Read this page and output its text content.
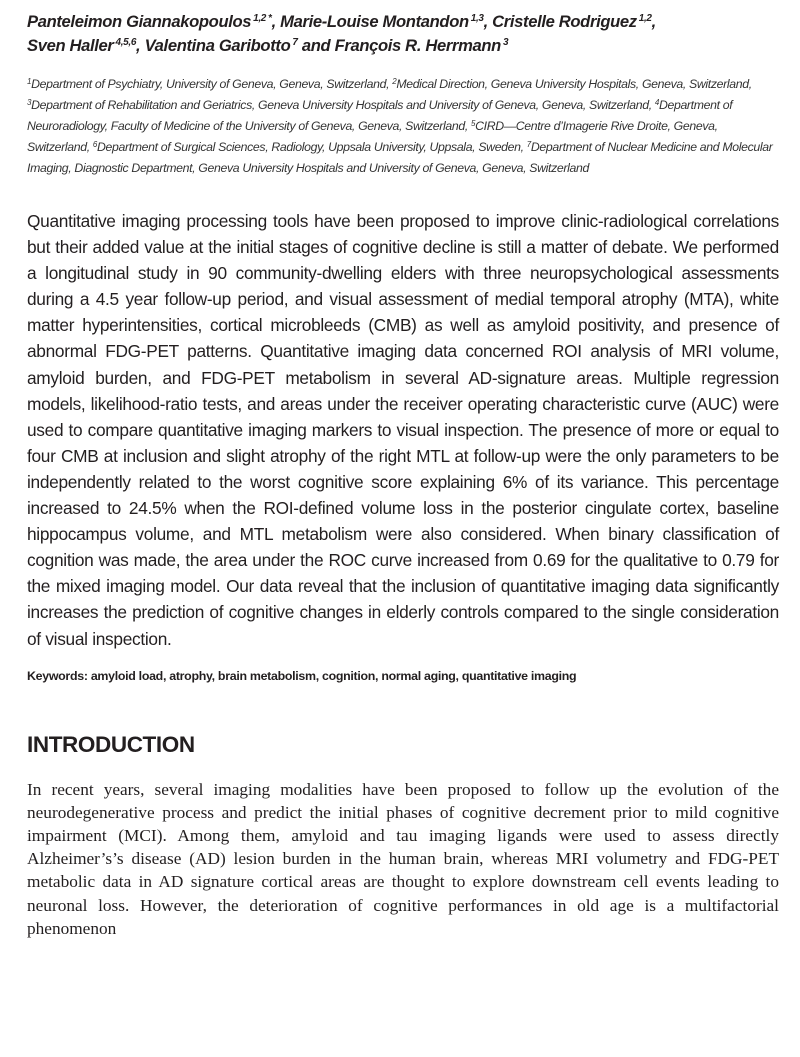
Panteleimon Giannakopoulos $^{1,2}$ *, Marie-Louise Montandon $^{1,3}$, Cristelle Rodriguez $^{1,2}$,
Sven Haller $^{4,5,6}$, Valentina Garibotto $^7$ and François R. Herrmann $^3$

$^1$Department of Psychiatry, University of Geneva, Geneva, Switzerland, $^2$Medical Direction, Geneva University Hospitals, Geneva, Switzerland, $^3$Department of Rehabilitation and Geriatrics, Geneva University Hospitals and University of Geneva, Geneva, Switzerland, $^4$Department of Neuroradiology, Faculty of Medicine of the University of Geneva, Geneva, Switzerland, $^5$CIRD—Centre d’Imagerie Rive Droite, Geneva, Switzerland, $^6$Department of Surgical Sciences, Radiology, Uppsala University, Uppsala, Sweden, $^7$Department of Nuclear Medicine and Molecular Imaging, Diagnostic Department, Geneva University Hospitals and University of Geneva, Geneva, Switzerland

Quantitative imaging processing tools have been proposed to improve clinic-radiological correlations but their added value at the initial stages of cognitive decline is still a matter of debate. We performed a longitudinal study in 90 community-dwelling elders with three neuropsychological assessments during a 4.5 year follow-up period, and visual assessment of medial temporal atrophy (MTA), white matter hyperintensities, cortical microbleeds (CMB) as well as amyloid positivity, and presence of abnormal FDG-PET patterns. Quantitative imaging data concerned ROI analysis of MRI volume, amyloid burden, and FDG-PET metabolism in several AD-signature areas. Multiple regression models, likelihood-ratio tests, and areas under the receiver operating characteristic curve (AUC) were used to compare quantitative imaging markers to visual inspection. The presence of more or equal to four CMB at inclusion and slight atrophy of the right MTL at follow-up were the only parameters to be independently related to the worst cognitive score explaining 6% of its variance. This percentage increased to 24.5% when the ROI-defined volume loss in the posterior cingulate cortex, baseline hippocampus volume, and MTL metabolism were also considered. When binary classification of cognition was made, the area under the ROC curve increased from 0.69 for the qualitative to 0.79 for the mixed imaging model. Our data reveal that the inclusion of quantitative imaging data significantly increases the prediction of cognitive changes in elderly controls compared to the single consideration of visual inspection.

Keywords: amyloid load, atrophy, brain metabolism, cognition, normal aging, quantitative imaging

INTRODUCTION

In recent years, several imaging modalities have been proposed to follow up the evolution of the neurodegenerative process and predict the initial phases of cognitive decrement prior to mild cognitive impairment (MCI). Among them, amyloid and tau imaging ligands were used to assess directly Alzheimer’s’s disease (AD) lesion burden in the human brain, whereas MRI volumetry and FDG-PET metabolic data in AD signature cortical areas are thought to explore downstream cell events leading to neuronal loss. However, the deterioration of cognitive performances in old age is a multifactorial phenomenon
